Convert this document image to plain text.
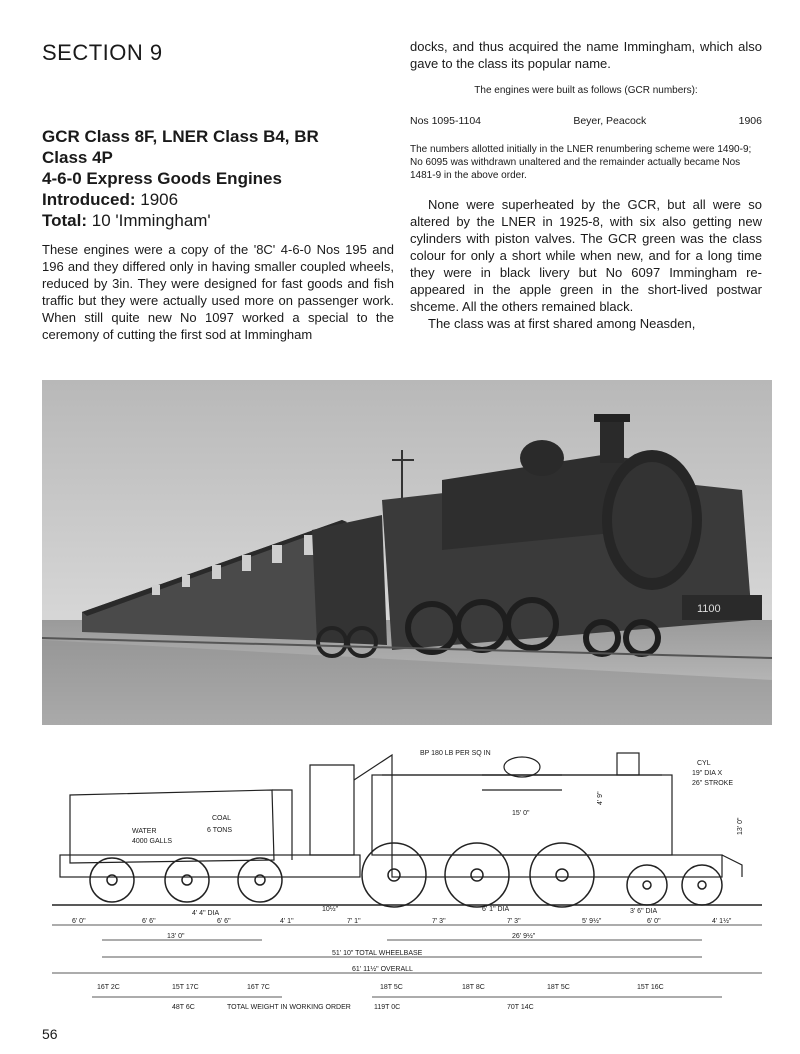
SECTION 9

GCR Class 8F, LNER Class B4, BR

Class 4P

4-6-0 Express Goods Engines

Introduced: 1906

Total: 10 'Immingham'

These engines were a copy of the '8C' 4-6-0 Nos 195 and 196 and they differed only in having smaller coupled wheels, reduced by 3in. They were designed for fast goods and fish traffic but they were actually used more on passenger work. When still quite new No 1097 worked a special to the ceremony of cutting the first sod at Immingham

docks, and thus acquired the name Immingham, which also gave to the class its popular name.

The engines were built as follows (GCR numbers):

Nos 1095-1104	Beyer, Peacock	1906

The numbers allotted initially in the LNER renumbering scheme were 1490-9; No 6095 was withdrawn unaltered and the remainder actually became Nos 1481-9 in the above order.

None were superheated by the GCR, but all were so altered by the LNER in 1925-8, with six also getting new cylinders with piston valves. The GCR green was the class colour for only a short while when new, and for a long time they were in black livery but No 6097 Immingham re-appeared in the apple green in the short-lived postwar shceme. All the others remained black.

The class was at first shared among Neasden,

1100
BP 180 LB PER SQ IN
CYL
19" DIA X
26" STROKE
13' 0"
WATER
4000 GALLS
COAL
6 TONS
15' 0"
4' 9"
4' 4" DIA
6' 1" DIA	3' 6" DIA
10½"
6' 0"	6' 6"	6' 6"	4' 1"	7' 1"	7' 3"	7' 3"	5' 9½"	6' 0"	4' 1½"
13' 0"	26' 9½"
51' 10" TOTAL WHEELBASE
61' 11½" OVERALL
16T 2C	15T 17C	16T 7C	18T 5C	18T 8C	18T 5C	15T 16C
48T 6C	TOTAL WEIGHT IN WORKING ORDER	119T 0C	70T 14C
56
